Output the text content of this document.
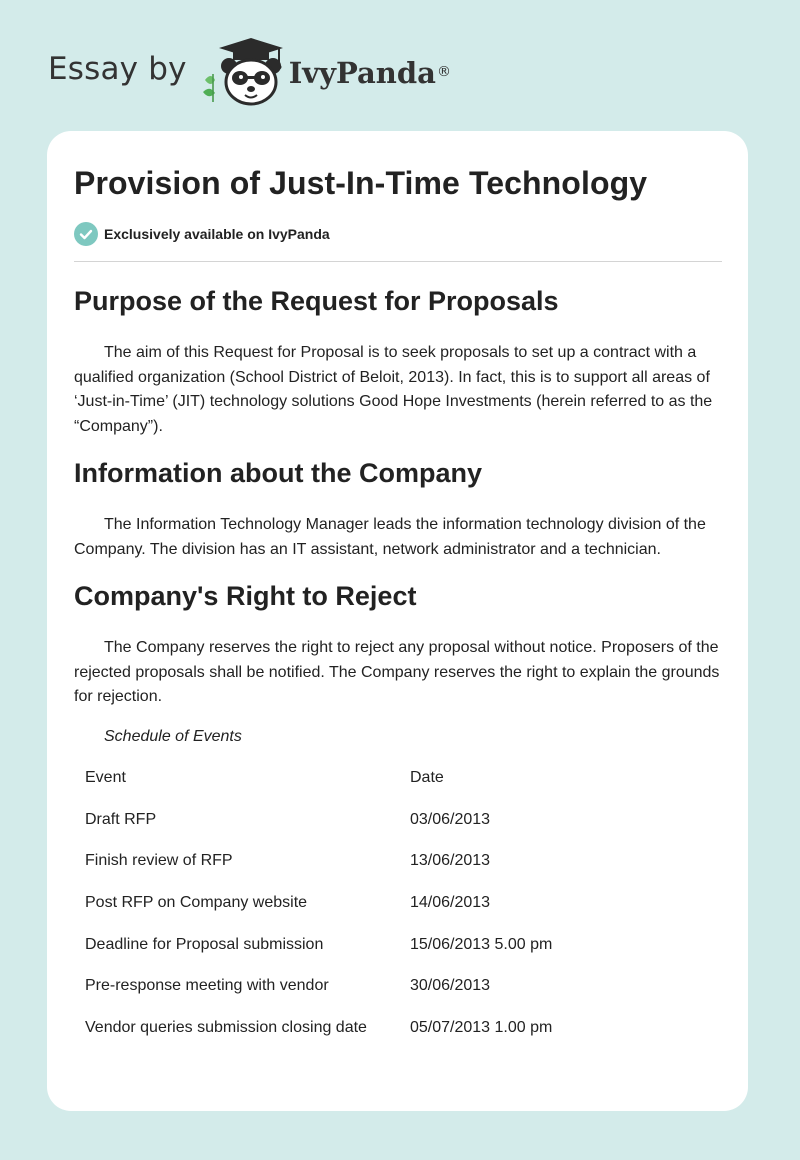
Essay by	IvyPanda ®
Provision of Just-In-Time Technology
Exclusively available on IvyPanda
Purpose of the Request for Proposals

The aim of this Request for Proposal is to seek proposals to set up a contract with a qualified organization (School District of Beloit, 2013). In fact, this is to support all areas of ‘Just-in-Time’ (JIT) technology solutions Good Hope Investments (herein referred to as the “Company”).

Information about the Company

The Information Technology Manager leads the information technology division of the Company. The division has an IT assistant, network administrator and a technician.

Company's Right to Reject

The Company reserves the right to reject any proposal without notice. Proposers of the rejected proposals shall be notified. The Company reserves the right to explain the grounds for rejection.

Schedule of Events
Event	Date
Draft RFP	03/06/2013
Finish review of RFP	13/06/2013
Post RFP on Company website	14/06/2013
Deadline for Proposal submission	15/06/2013 5.00 pm
Pre-response meeting with vendor	30/06/2013
Vendor queries submission closing date	05/07/2013 1.00 pm
